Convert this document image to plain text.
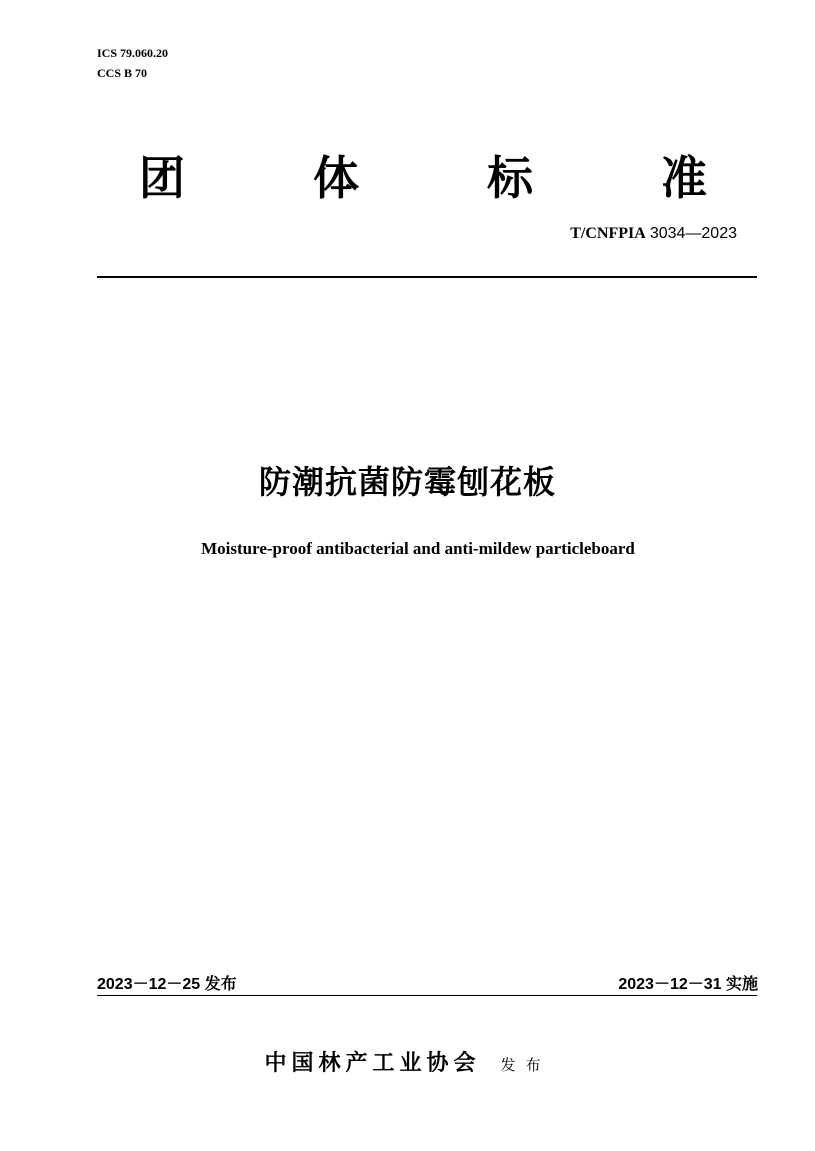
ICS 79.060.20
CCS B 70
团	体	标	准
T/CNFPIA 3034—2023
防潮抗菌防霉刨花板
Moisture-proof antibacterial and anti-mildew particleboard
2023－12－25 发布	2023－12－31 实施
中国林产工业协会 发布
